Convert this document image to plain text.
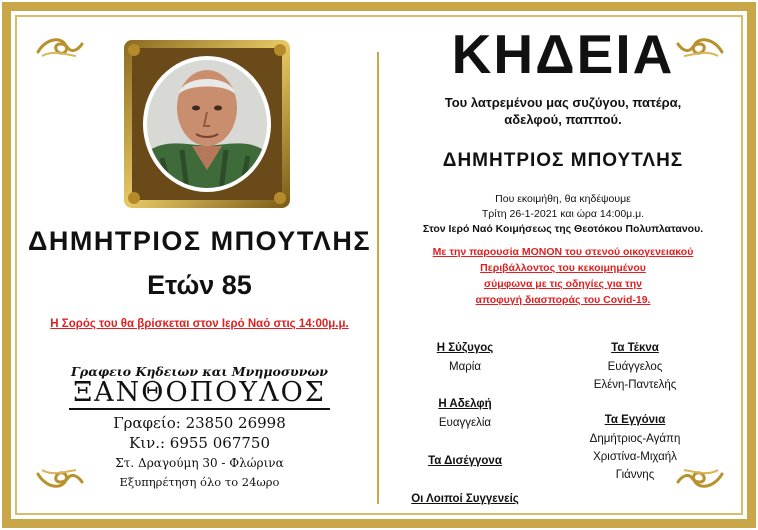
ΔΗΜΗΤΡΙΟΣ ΜΠΟΥΤΛΗΣ
Ετών 85
Η Σορός του θα βρίσκεται στον Ιερό Ναό στις 14:00μ.μ.
Γραφειο Κηδειων και Μνημοσυνων
ΞΑΝΘΟΠΟΥΛΟΣ
Γραφείο: 23850 26998
Κιν.: 6955 067750
Στ. Δραγούμη 30 - Φλώρινα
Εξυπηρέτηση όλο το 24ωρο
ΚΗΔΕΙΑ
Του λατρεμένου μας συζύγου, πατέρα,
αδελφού, παππού.
ΔΗΜΗΤΡΙΟΣ ΜΠΟΥΤΛΗΣ
Που εκοιμήθη, θα κηδέψουμε
Τρίτη 26-1-2021 και ώρα 14:00μ.μ.
Στον Ιερό Ναό Κοιμήσεως της Θεοτόκου Πολυπλατανου.
Με την παρουσία ΜΟΝΟΝ του στενού οικογενειακού
Περιβάλλοντος του κεκοιμημένου
σύμφωνα με τις οδηγίες για την
αποφυγή διασποράς του Covid-19.
Η Σύζυγος
Μαρία
Τα Τέκνα
Ευάγγελος
Ελένη-Παντελής
Η Αδελφή
Ευαγγελία	Τα Εγγόνια
Δημήτριος-Αγάπη
Χριστίνα-Μιχαήλ
Γιάννης
Τα Δισέγγονα
Οι Λοιποί Συγγενείς
